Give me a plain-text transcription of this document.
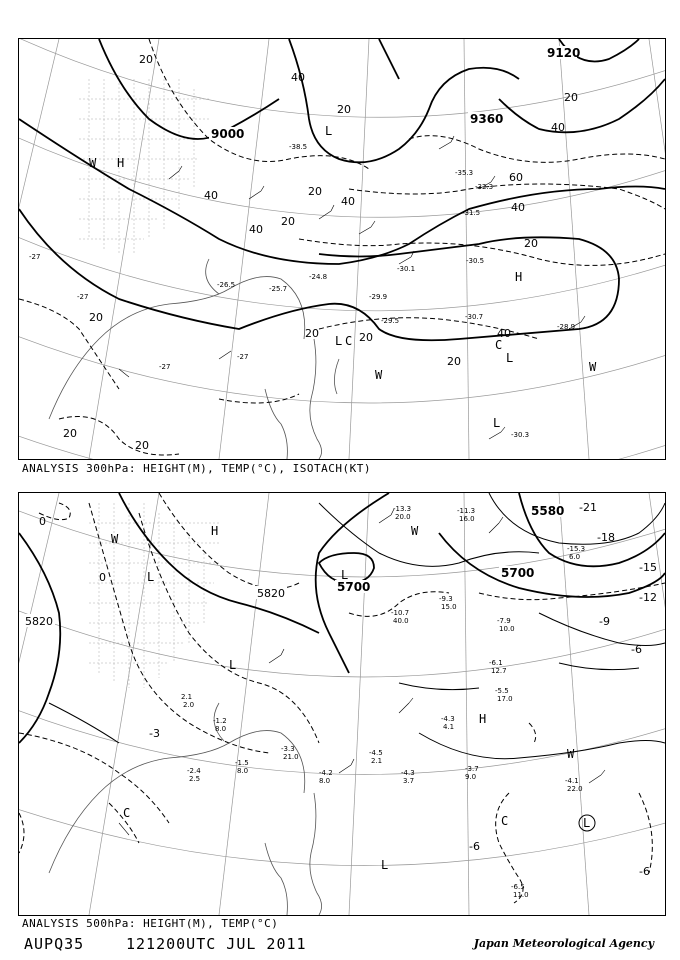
9000
9120
9360
20
40
20
40
40
20
40
60
40
20
40
20
40
20
20
20
20
20
20
20
H
H
L
L
L
L
C	C
W
W
W
-30.3
-28.9
-30.5
-31.5
-29.9
-26.5	-25.7
-24.8
-29.5
-30.1
-32.3
-38.5
-35.3
-30.7
-27
-27
-27
-27
ANALYSIS 300hPa: HEIGHT(M), TEMP(°C), ISOTACH(KT)
5580
5700
5700
5820
5820
0
0
-3
-6
-6
-6
-9
-12
-15
-18
-21
H
H
L
L
L
L
L
C
C
W
W
W
-11.3
16.0
-13.3
20.0
-15.3
6.0
-9.3
15.0
-10.7
40.0	-7.9
10.0
-6.1
12.7
-5.5
17.0
-4.3
4.1
-3.7
9.0	-4.1
22.0
-6.5
11.0
-4.5
2.1
-4.3
3.7
-4.2
8.0
-3.3
21.0
-1.2
8.0
-1.5
8.0
2.1
2.0
-2.4
2.5
ANALYSIS 500hPa: HEIGHT(M), TEMP(°C)
AUPQ35	121200UTC JUL 2011	Japan Meteorological Agency
